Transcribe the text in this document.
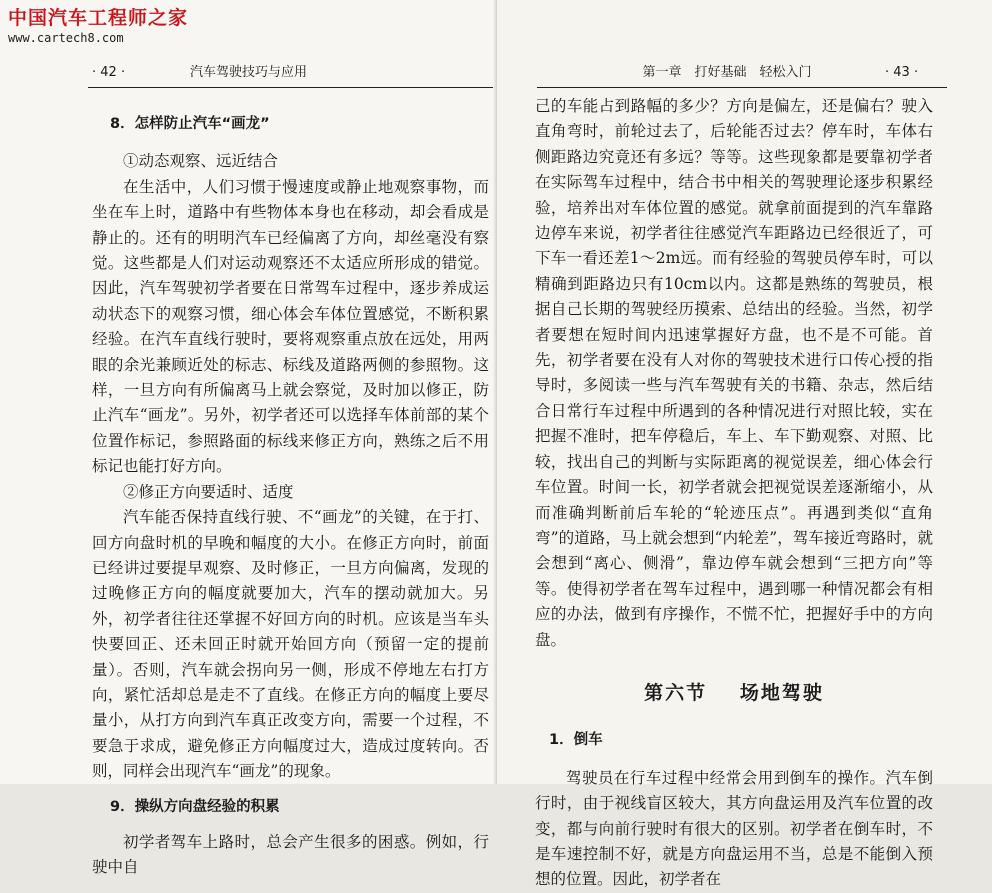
中国汽车工程师之家
www.cartech8.com
· 42 ·	汽车驾驶技巧与应用

8．怎样防止汽车“画龙”

①动态观察、远近结合

在生活中，人们习惯于慢速度或静止地观察事物，而坐在车上时，道路中有些物体本身也在移动，却会看成是静止的。还有的明明汽车已经偏离了方向，却丝毫没有察觉。这些都是人们对运动观察还不太适应所形成的错觉。因此，汽车驾驶初学者要在日常驾车过程中，逐步养成运动状态下的观察习惯，细心体会车体位置感觉，不断积累经验。在汽车直线行驶时，要将观察重点放在远处，用两眼的余光兼顾近处的标志、标线及道路两侧的参照物。这样，一旦方向有所偏离马上就会察觉，及时加以修正，防止汽车“画龙”。另外，初学者还可以选择车体前部的某个位置作标记，参照路面的标线来修正方向，熟练之后不用标记也能打好方向。

②修正方向要适时、适度

汽车能否保持直线行驶、不“画龙”的关键，在于打、回方向盘时机的早晚和幅度的大小。在修正方向时，前面已经讲过要提早观察、及时修正，一旦方向偏离，发现的过晚修正方向的幅度就要加大，汽车的摆动就加大。另外，初学者往往还掌握不好回方向的时机。应该是当车头快要回正、还未回正时就开始回方向（预留一定的提前量）。否则，汽车就会拐向另一侧，形成不停地左右打方向，紧忙活却总是走不了直线。在修正方向的幅度上要尽量小，从打方向到汽车真正改变方向，需要一个过程，不要急于求成，避免修正方向幅度过大，造成过度转向。否则，同样会出现汽车“画龙”的现象。

9．操纵方向盘经验的积累

初学者驾车上路时，总会产生很多的困惑。例如，行驶中自

第一章　打好基础　轻松入门	· 43 ·

己的车能占到路幅的多少？方向是偏左，还是偏右？驶入直角弯时，前轮过去了，后轮能否过去？停车时，车体右侧距路边究竟还有多远？等等。这些现象都是要靠初学者在实际驾车过程中，结合书中相关的驾驶理论逐步积累经验，培养出对车体位置的感觉。就拿前面提到的汽车靠路边停车来说，初学者往往感觉汽车距路边已经很近了，可下车一看还差1～2m远。而有经验的驾驶员停车时，可以精确到距路边只有10cm以内。这都是熟练的驾驶员，根据自己长期的驾驶经历摸索、总结出的经验。当然，初学者要想在短时间内迅速掌握好方盘，也不是不可能。首先，初学者要在没有人对你的驾驶技术进行口传心授的指导时，多阅读一些与汽车驾驶有关的书籍、杂志，然后结合日常行车过程中所遇到的各种情况进行对照比较，实在把握不准时，把车停稳后，车上、车下勤观察、对照、比较，找出自己的判断与实际距离的视觉误差，细心体会行车位置。时间一长，初学者就会把视觉误差逐渐缩小，从而准确判断前后车轮的“轮迹压点”。再遇到类似“直角弯”的道路，马上就会想到“内轮差”，驾车接近弯路时，就会想到“离心、侧滑”，靠边停车就会想到“三把方向”等等。使得初学者在驾车过程中，遇到哪一种情况都会有相应的办法，做到有序操作，不慌不忙，把握好手中的方向盘。

第六节 场地驾驶

1．倒车

驾驶员在行车过程中经常会用到倒车的操作。汽车倒行时，由于视线盲区较大，其方向盘运用及汽车位置的改变，都与向前行驶时有很大的区别。初学者在倒车时，不是车速控制不好，就是方向盘运用不当，总是不能倒入预想的位置。因此，初学者在
